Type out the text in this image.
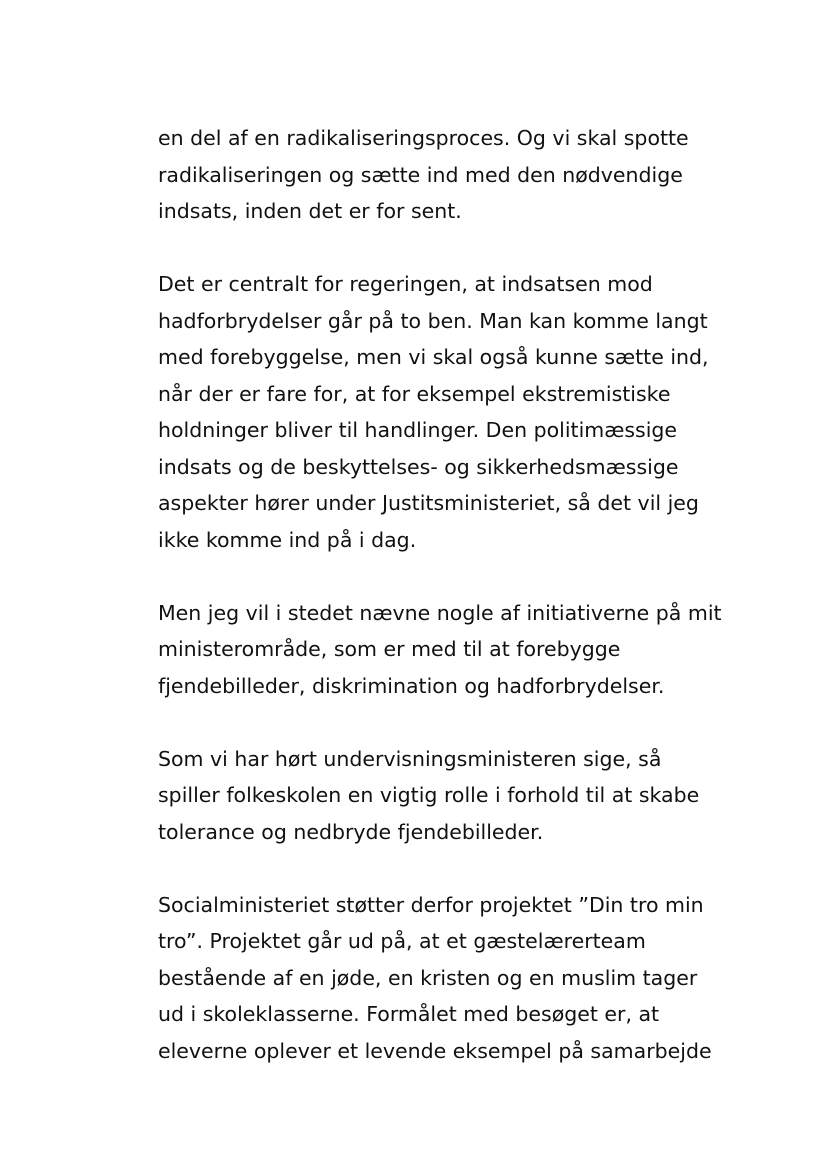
en del af en radikaliseringsproces. Og vi skal spotte
radikaliseringen og sætte ind med den nødvendige
indsats, inden det er for sent.

Det er centralt for regeringen, at indsatsen mod
hadforbrydelser går på to ben. Man kan komme langt
med forebyggelse, men vi skal også kunne sætte ind,
når der er fare for, at for eksempel ekstremistiske
holdninger bliver til handlinger. Den politimæssige
indsats og de beskyttelses- og sikkerhedsmæssige
aspekter hører under Justitsministeriet, så det vil jeg
ikke komme ind på i dag.

Men jeg vil i stedet nævne nogle af initiativerne på mit
ministerområde, som er med til at forebygge
fjendebilleder, diskrimination og hadforbrydelser.

Som vi har hørt undervisningsministeren sige, så
spiller folkeskolen en vigtig rolle i forhold til at skabe
tolerance og nedbryde fjendebilleder.

Socialministeriet støtter derfor projektet ”Din tro min
tro”. Projektet går ud på, at et gæstelærerteam
bestående af en jøde, en kristen og en muslim tager
ud i skoleklasserne. Formålet med besøget er, at
eleverne oplever et levende eksempel på samarbejde
